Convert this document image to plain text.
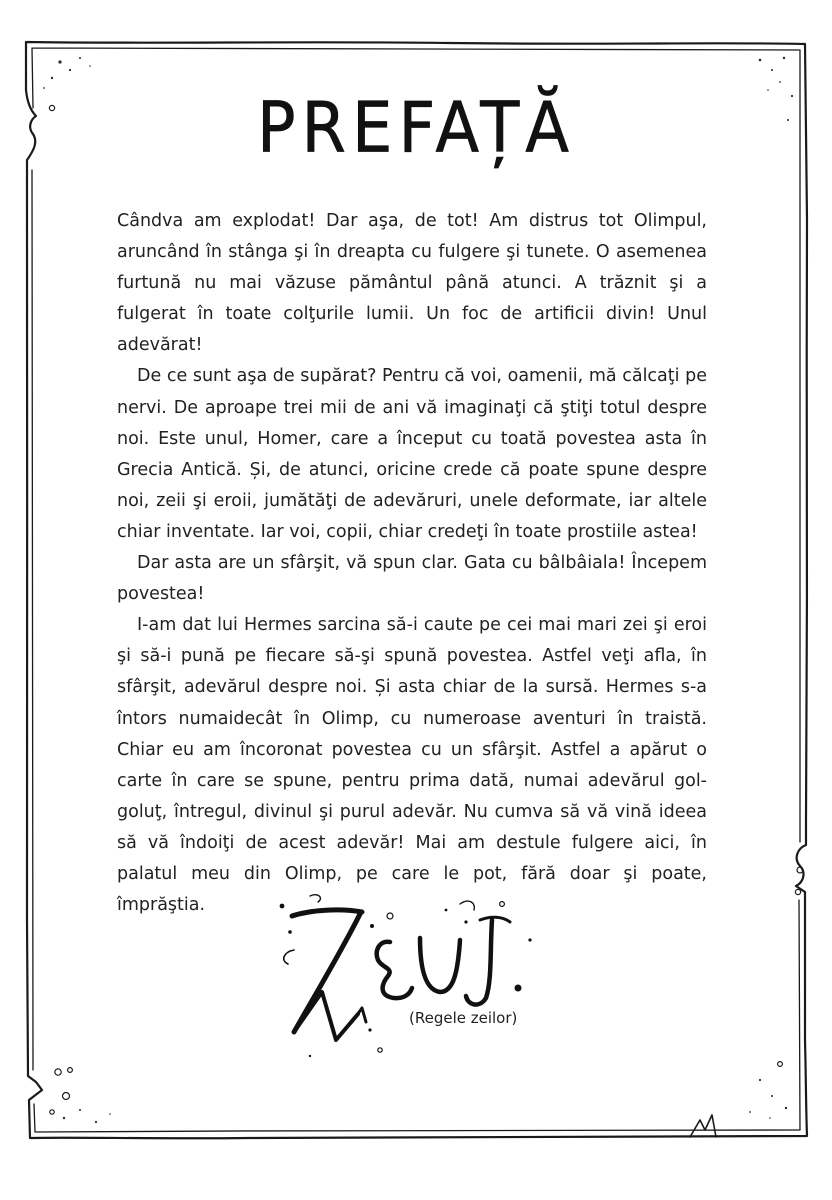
PREFAȚĂ

Cândva am explodat! Dar aşa, de tot! Am distrus tot Olimpul, aruncând în stânga şi în dreapta cu fulgere şi tunete. O asemenea furtună nu mai văzuse pământul până atunci. A trăznit şi a fulgerat în toate colţurile lumii. Un foc de artificii divin! Unul adevărat!

De ce sunt aşa de supărat? Pentru că voi, oamenii, mă călcaţi pe nervi. De aproape trei mii de ani vă imaginaţi că ştiţi totul despre noi. Este unul, Homer, care a început cu toată povestea asta în Grecia Antică. Și, de atunci, oricine crede că poate spune despre noi, zeii şi eroii, jumătăţi de adevăruri, unele deformate, iar altele chiar inventate. Iar voi, copii, chiar credeţi în toate prostiile astea!

Dar asta are un sfârşit, vă spun clar. Gata cu bâlbâiala! Începem povestea!

I-am dat lui Hermes sarcina să-i caute pe cei mai mari zei şi eroi şi să-i pună pe fiecare să-şi spună povestea. Astfel veţi afla, în sfârşit, adevărul despre noi. Și asta chiar de la sursă. Hermes s-a întors numaidecât în Olimp, cu numeroase aventuri în traistă. Chiar eu am încoronat povestea cu un sfârşit. Astfel a apărut o carte în care se spune, pentru prima dată, numai adevărul gol-goluţ, întregul, divinul şi purul adevăr. Nu cumva să vă vină ideea să vă îndoiţi de acest adevăr! Mai am destule fulgere aici, în palatul meu din Olimp, pe care le pot, fără doar şi poate, împrăştia.

(Regele zeilor)
